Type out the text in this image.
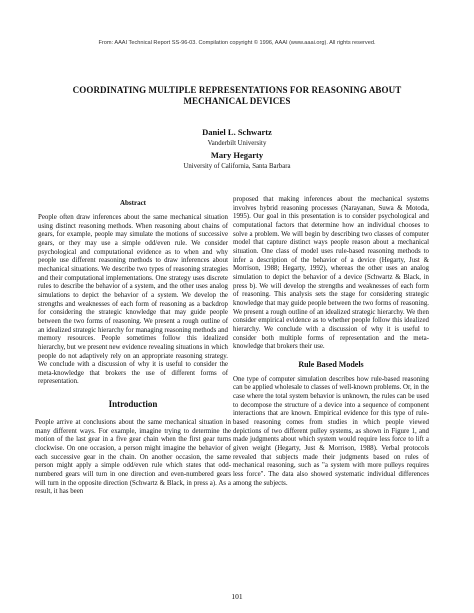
From: AAAI Technical Report SS-96-03. Compilation copyright © 1996, AAAI (www.aaai.org). All rights reserved.
COORDINATING MULTIPLE REPRESENTATIONS FOR REASONING ABOUT
MECHANICAL DEVICES
Daniel L. Schwartz
Vanderbilt University
Mary Hegarty
University of California, Santa Barbara
Abstract

People often draw inferences about the same mechanical situation using distinct reasoning methods. When reasoning about chains of gears, for example, people may simulate the motions of successive gears, or they may use a simple odd/even rule. We consider psychological and computational evidence as to when and why people use different reasoning methods to draw inferences about mechanical situations. We describe two types of reasoning strategies and their computational implementations. One strategy uses discrete rules to describe the behavior of a system, and the other uses analog simulations to depict the behavior of a system. We develop the strengths and weaknesses of each form of reasoning as a backdrop for considering the strategic knowledge that may guide people between the two forms of reasoning. We present a rough outline of an idealized strategic hierarchy for managing reasoning methods and memory resources. People sometimes follow this idealized hierarchy, but we present new evidence revealing situations in which people do not adaptively rely on an appropriate reasoning strategy. We conclude with a discussion of why it is useful to consider the meta-knowledge that brokers the use of different forms of representation.

Introduction

People arrive at conclusions about the same mechanical situation in many different ways. For example, imagine trying to determine the motion of the last gear in a five gear chain when the first gear turns clockwise. On one occasion, a person might imagine the behavior of each successive gear in the chain. On another occasion, the same person might apply a simple odd/even rule which states that odd-numbered gears will turn in one direction and even-numbered gears will turn in the opposite direction (Schwartz & Black, in press a). As a result, it has been

proposed that making inferences about the mechanical systems involves hybrid reasoning processes (Narayanan, Suwa & Motoda, 1995). Our goal in this presentation is to consider psychological and computational factors that determine how an individual chooses to solve a problem. We will begin by describing two classes of computer model that capture distinct ways people reason about a mechanical situation. One class of model uses rule-based reasoning methods to infer a description of the behavior of a device (Hegarty, Just & Morrison, 1988; Hegarty, 1992), whereas the other uses an analog simulation to depict the behavior of a device (Schwartz & Black, in press b). We will develop the strengths and weaknesses of each form of reasoning. This analysis sets the stage for considering strategic knowledge that may guide people between the two forms of reasoning. We present a rough outline of an idealized strategic hierarchy. We then consider empirical evidence as to whether people follow this idealized hierarchy. We conclude with a discussion of why it is useful to consider both multiple forms of representation and the meta-knowledge that brokers their use.

Rule Based Models

One type of computer simulation describes how rule-based reasoning can be applied wholesale to classes of well-known problems. Or, in the case where the total system behavior is unknown, the rules can be used to decompose the structure of a device into a sequence of component interactions that are known. Empirical evidence for this type of rule-based reasoning comes from studies in which people viewed depictions of two different pulley systems, as shown in Figure 1, and made judgments about which system would require less force to lift a given weight (Hegarty, Just & Morrison, 1988). Verbal protocols revealed that subjects made their judgments based on rules of mechanical reasoning, such as "a system with more pulleys requires less force". The data also showed systematic individual differences among the subjects.

101
